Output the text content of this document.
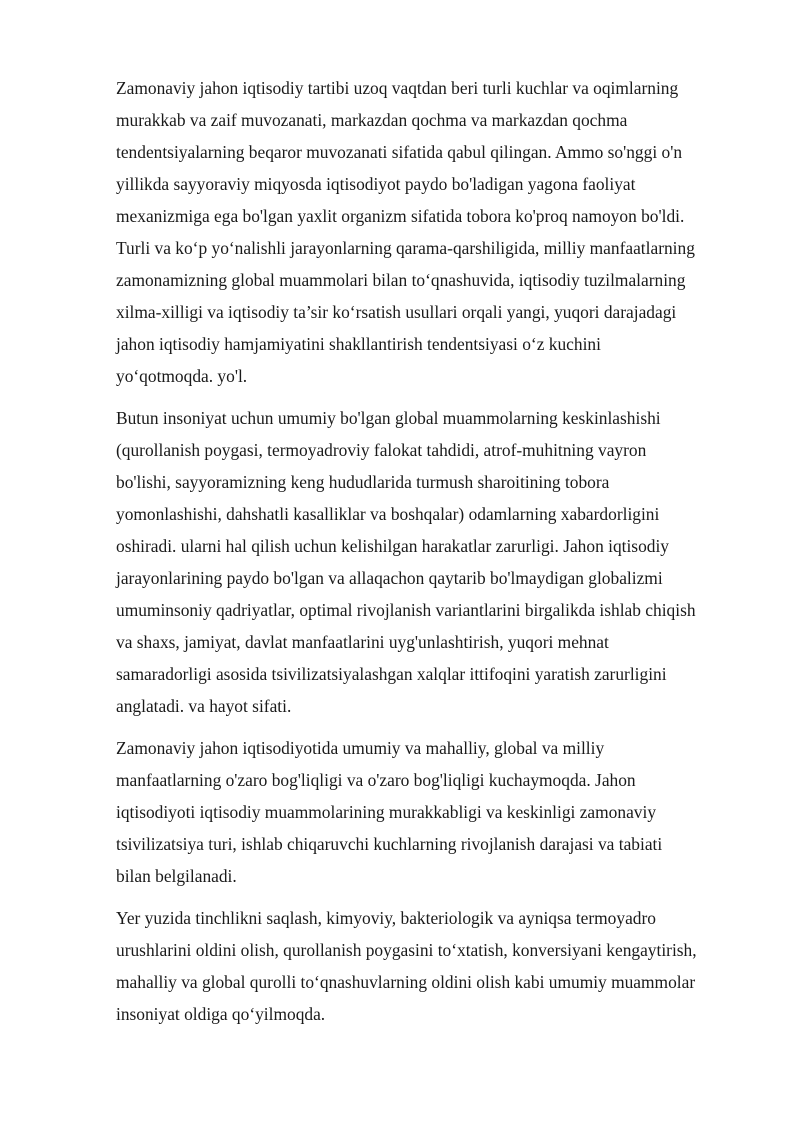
Zamonaviy jahon iqtisodiy tartibi uzoq vaqtdan beri turli kuchlar va oqimlarning
murakkab va zaif muvozanati, markazdan qochma va markazdan qochma
tendentsiyalarning beqaror muvozanati sifatida qabul qilingan. Ammo so'nggi o'n
yillikda sayyoraviy miqyosda iqtisodiyot paydo bo'ladigan yagona faoliyat
mexanizmiga ega bo'lgan yaxlit organizm sifatida tobora ko'proq namoyon bo'ldi.
Turli va ko‘p yo‘nalishli jarayonlarning qarama-qarshiligida, milliy manfaatlarning
zamonamizning global muammolari bilan to‘qnashuvida, iqtisodiy tuzilmalarning
xilma-xilligi va iqtisodiy ta’sir ko‘rsatish usullari orqali yangi, yuqori darajadagi
jahon iqtisodiy hamjamiyatini shakllantirish tendentsiyasi o‘z kuchini
yo‘qotmoqda. yo'l.

Butun insoniyat uchun umumiy bo'lgan global muammolarning keskinlashishi
(qurollanish poygasi, termoyadroviy falokat tahdidi, atrof-muhitning vayron
bo'lishi, sayyoramizning keng hududlarida turmush sharoitining tobora
yomonlashishi, dahshatli kasalliklar va boshqalar) odamlarning xabardorligini
oshiradi. ularni hal qilish uchun kelishilgan harakatlar zarurligi. Jahon iqtisodiy
jarayonlarining paydo bo'lgan va allaqachon qaytarib bo'lmaydigan globalizmi
umuminsoniy qadriyatlar, optimal rivojlanish variantlarini birgalikda ishlab chiqish
va shaxs, jamiyat, davlat manfaatlarini uyg'unlashtirish, yuqori mehnat
samaradorligi asosida tsivilizatsiyalashgan xalqlar ittifoqini yaratish zarurligini
anglatadi. va hayot sifati.

Zamonaviy jahon iqtisodiyotida umumiy va mahalliy, global va milliy
manfaatlarning o'zaro bog'liqligi va o'zaro bog'liqligi kuchaymoqda. Jahon
iqtisodiyoti iqtisodiy muammolarining murakkabligi va keskinligi zamonaviy
tsivilizatsiya turi, ishlab chiqaruvchi kuchlarning rivojlanish darajasi va tabiati
bilan belgilanadi.

Yer yuzida tinchlikni saqlash, kimyoviy, bakteriologik va ayniqsa termoyadro
urushlarini oldini olish, qurollanish poygasini to‘xtatish, konversiyani kengaytirish,
mahalliy va global qurolli to‘qnashuvlarning oldini olish kabi umumiy muammolar
insoniyat oldiga qo‘yilmoqda.
